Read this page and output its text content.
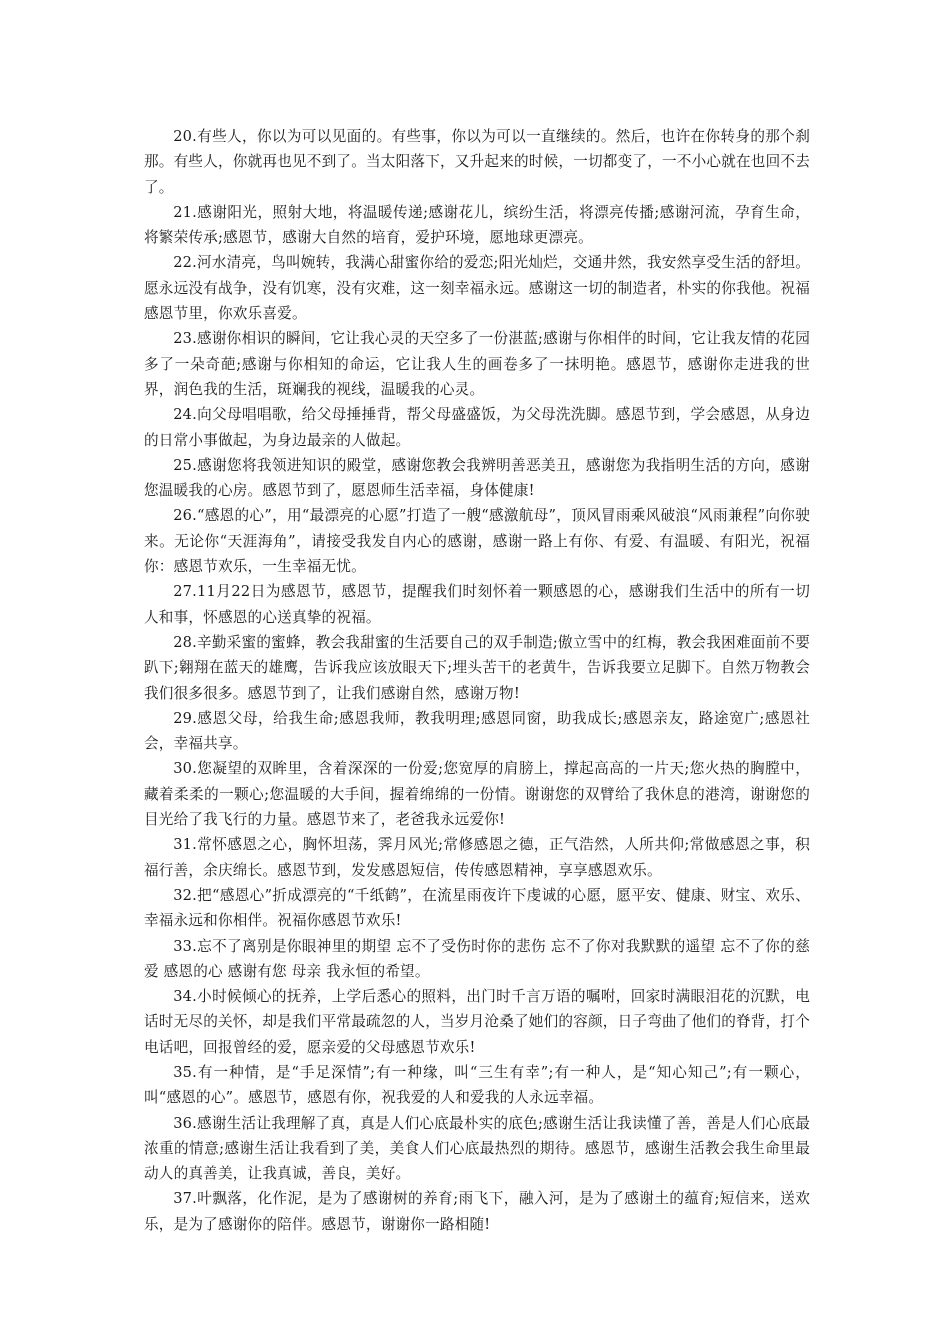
20.有些人，你以为可以见面的。有些事，你以为可以一直继续的。然后，也许在你转身的那个刹那。有些人，你就再也见不到了。当太阳落下，又升起来的时候，一切都变了，一不小心就在也回不去了。

21.感谢阳光，照射大地，将温暖传递;感谢花儿，缤纷生活，将漂亮传播;感谢河流，孕育生命，将繁荣传承;感恩节，感谢大自然的培育，爱护环境，愿地球更漂亮。

22.河水清亮，鸟叫婉转，我满心甜蜜你给的爱恋;阳光灿烂，交通井然，我安然享受生活的舒坦。愿永远没有战争，没有饥寒，没有灾难，这一刻幸福永远。感谢这一切的制造者，朴实的你我他。祝福感恩节里，你欢乐喜爱。

23.感谢你相识的瞬间，它让我心灵的天空多了一份湛蓝;感谢与你相伴的时间，它让我友情的花园多了一朵奇葩;感谢与你相知的命运，它让我人生的画卷多了一抹明艳。感恩节，感谢你走进我的世界，润色我的生活，斑斓我的视线，温暖我的心灵。

24.向父母唱唱歌，给父母捶捶背，帮父母盛盛饭，为父母洗洗脚。感恩节到，学会感恩，从身边的日常小事做起，为身边最亲的人做起。

25.感谢您将我领进知识的殿堂，感谢您教会我辨明善恶美丑，感谢您为我指明生活的方向，感谢您温暖我的心房。感恩节到了，愿恩师生活幸福，身体健康!

26.“感恩的心”，用“最漂亮的心愿”打造了一艘“感激航母”，顶风冒雨乘风破浪“风雨兼程”向你驶来。无论你“天涯海角”，请接受我发自内心的感谢，感谢一路上有你、有爱、有温暖、有阳光，祝福你：感恩节欢乐，一生幸福无忧。

27.11月22日为感恩节，感恩节，提醒我们时刻怀着一颗感恩的心，感谢我们生活中的所有一切人和事，怀感恩的心送真挚的祝福。

28.辛勤采蜜的蜜蜂，教会我甜蜜的生活要自己的双手制造;傲立雪中的红梅，教会我困难面前不要趴下;翱翔在蓝天的雄鹰，告诉我应该放眼天下;埋头苦干的老黄牛，告诉我要立足脚下。自然万物教会我们很多很多。感恩节到了，让我们感谢自然，感谢万物!

29.感恩父母，给我生命;感恩我师，教我明理;感恩同窗，助我成长;感恩亲友，路途宽广;感恩社会，幸福共享。

30.您凝望的双眸里，含着深深的一份爱;您宽厚的肩膀上，撑起高高的一片天;您火热的胸膛中，藏着柔柔的一颗心;您温暖的大手间，握着绵绵的一份情。谢谢您的双臂给了我休息的港湾，谢谢您的目光给了我飞行的力量。感恩节来了，老爸我永远爱你!

31.常怀感恩之心，胸怀坦荡，霁月风光;常修感恩之德，正气浩然，人所共仰;常做感恩之事，积福行善，余庆绵长。感恩节到，发发感恩短信，传传感恩精神，享享感恩欢乐。

32.把“感恩心”折成漂亮的“千纸鹤”，在流星雨夜许下虔诚的心愿，愿平安、健康、财宝、欢乐、幸福永远和你相伴。祝福你感恩节欢乐!

33.忘不了离别是你眼神里的期望 忘不了受伤时你的悲伤 忘不了你对我默默的遥望 忘不了你的慈爱 感恩的心 感谢有您 母亲 我永恒的希望。

34.小时候倾心的抚养，上学后悉心的照料，出门时千言万语的嘱咐，回家时满眼泪花的沉默，电话时无尽的关怀，却是我们平常最疏忽的人，当岁月沧桑了她们的容颜，日子弯曲了他们的脊背，打个电话吧，回报曾经的爱，愿亲爱的父母感恩节欢乐!

35.有一种情，是“手足深情”;有一种缘，叫“三生有幸”;有一种人，是“知心知己”;有一颗心，叫“感恩的心”。感恩节，感恩有你，祝我爱的人和爱我的人永远幸福。

36.感谢生活让我理解了真，真是人们心底最朴实的底色;感谢生活让我读懂了善，善是人们心底最浓重的情意;感谢生活让我看到了美，美食人们心底最热烈的期待。感恩节，感谢生活教会我生命里最动人的真善美，让我真诚，善良，美好。

37.叶飘落，化作泥，是为了感谢树的养育;雨飞下，融入河，是为了感谢土的蕴育;短信来，送欢乐，是为了感谢你的陪伴。感恩节，谢谢你一路相随!
